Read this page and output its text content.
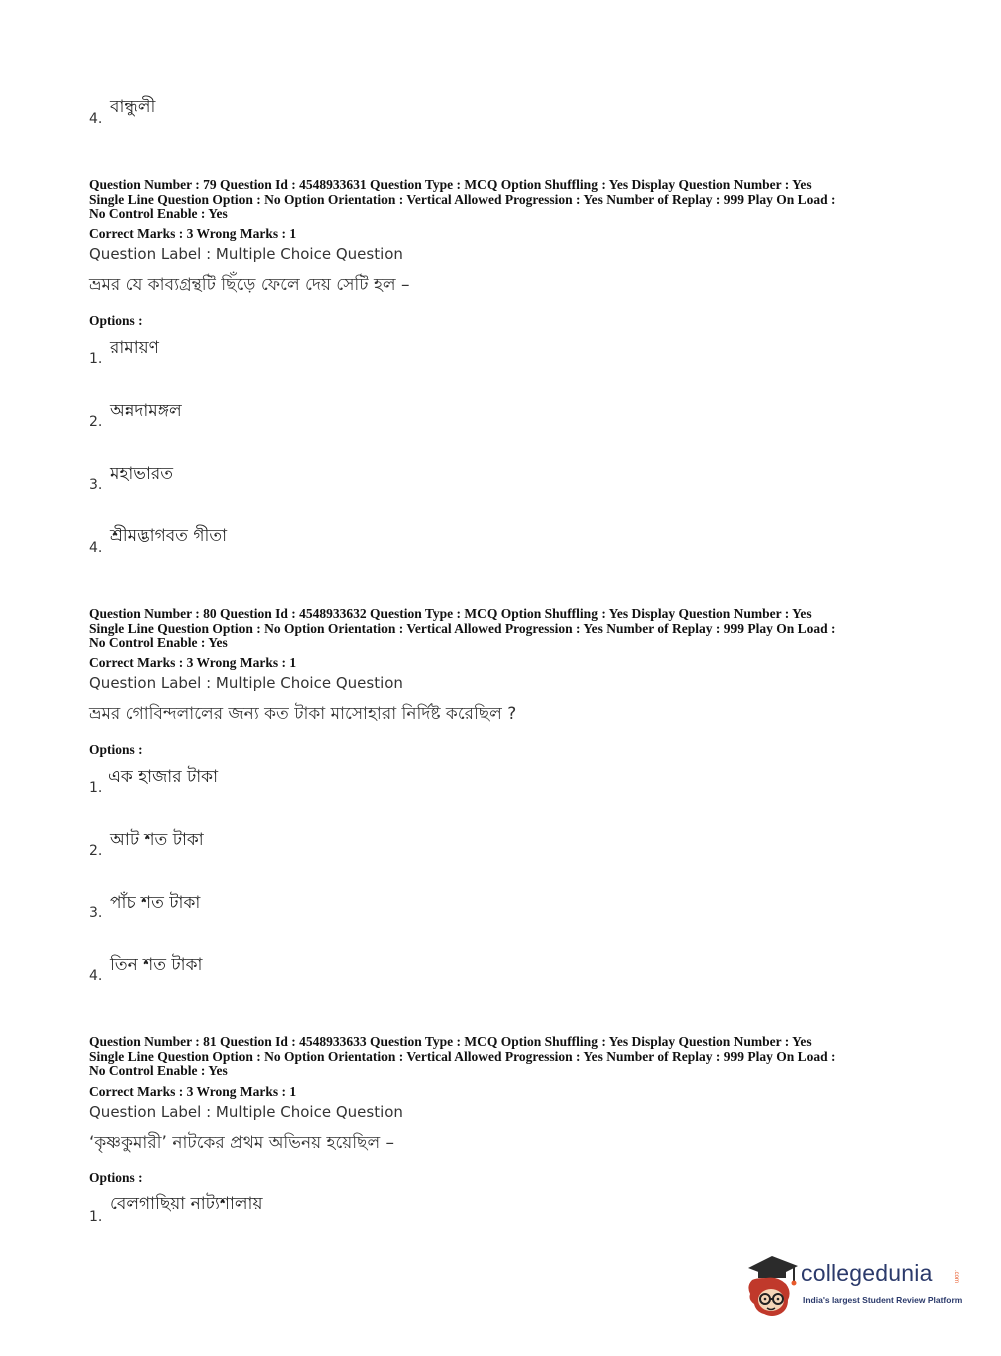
বান্ধুলী
4.
Question Number : 79 Question Id : 4548933631 Question Type : MCQ Option Shuffling : Yes Display Question Number : Yes
Single Line Question Option : No Option Orientation : Vertical Allowed Progression : Yes Number of Replay : 999 Play On Load :
No Control Enable : Yes
Correct Marks : 3 Wrong Marks : 1
Question Label : Multiple Choice Question
ভ্রমর যে কাব্যগ্রন্থটি ছিঁড়ে ফেলে দেয় সেটি হল –
Options :
রামায়ণ
1.
অন্নদামঙ্গল
2.
মহাভারত
3.
শ্রীমদ্ভাগবত গীতা
4.
Question Number : 80 Question Id : 4548933632 Question Type : MCQ Option Shuffling : Yes Display Question Number : Yes
Single Line Question Option : No Option Orientation : Vertical Allowed Progression : Yes Number of Replay : 999 Play On Load :
No Control Enable : Yes
Correct Marks : 3 Wrong Marks : 1
Question Label : Multiple Choice Question
ভ্রমর গোবিন্দলালের জন্য কত টাকা মাসোহারা নির্দিষ্ট করেছিল ?
Options :
এক হাজার টাকা
1.
আট শত টাকা
2.
পাঁচ শত টাকা
3.
তিন শত টাকা
4.
Question Number : 81 Question Id : 4548933633 Question Type : MCQ Option Shuffling : Yes Display Question Number : Yes
Single Line Question Option : No Option Orientation : Vertical Allowed Progression : Yes Number of Replay : 999 Play On Load :
No Control Enable : Yes
Correct Marks : 3 Wrong Marks : 1
Question Label : Multiple Choice Question
‘কৃষ্ণকুমারী’ নাটকের প্রথম অভিনয় হয়েছিল –
Options :
বেলগাছিয়া নাট্যশালায়
1.
collegedunia	.com
India's largest Student Review Platform
